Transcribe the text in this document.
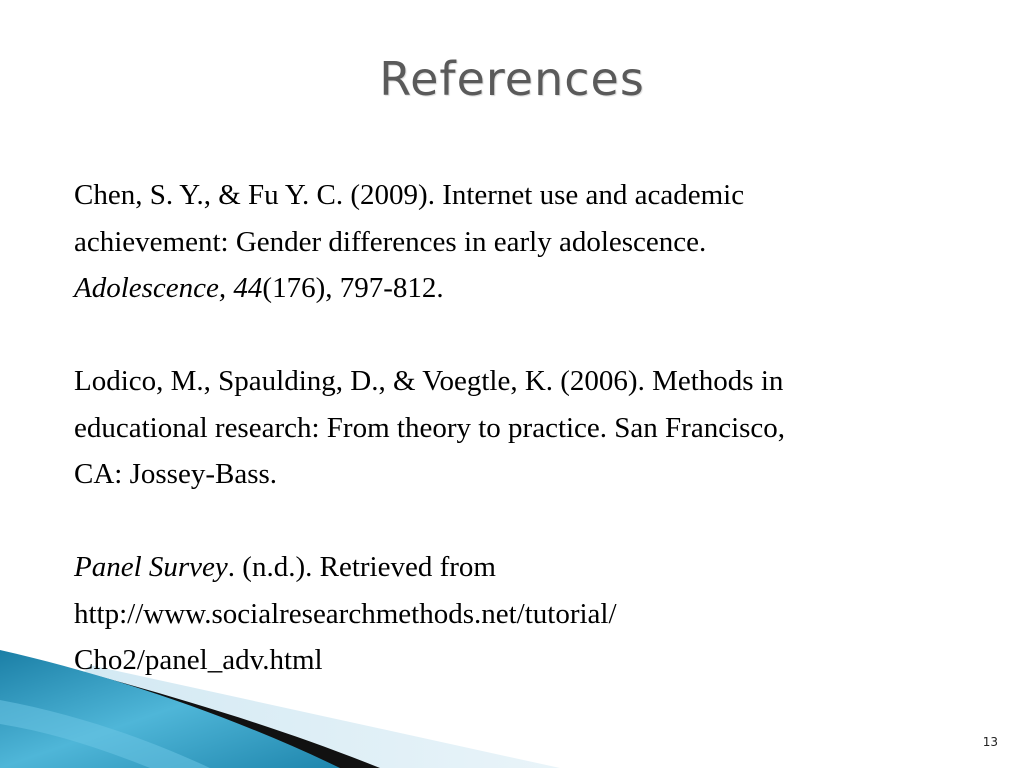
References

Chen, S. Y., & Fu Y. C. (2009). Internet use and academic
achievement: Gender differences in early adolescence.
Adolescence, 44(176), 797-812.

Lodico, M., Spaulding, D., & Voegtle, K. (2006). Methods in
educational research: From theory to practice. San Francisco,
CA: Jossey-Bass.

Panel Survey. (n.d.). Retrieved from
http://www.socialresearchmethods.net/tutorial/
Cho2/panel_adv.html

13
